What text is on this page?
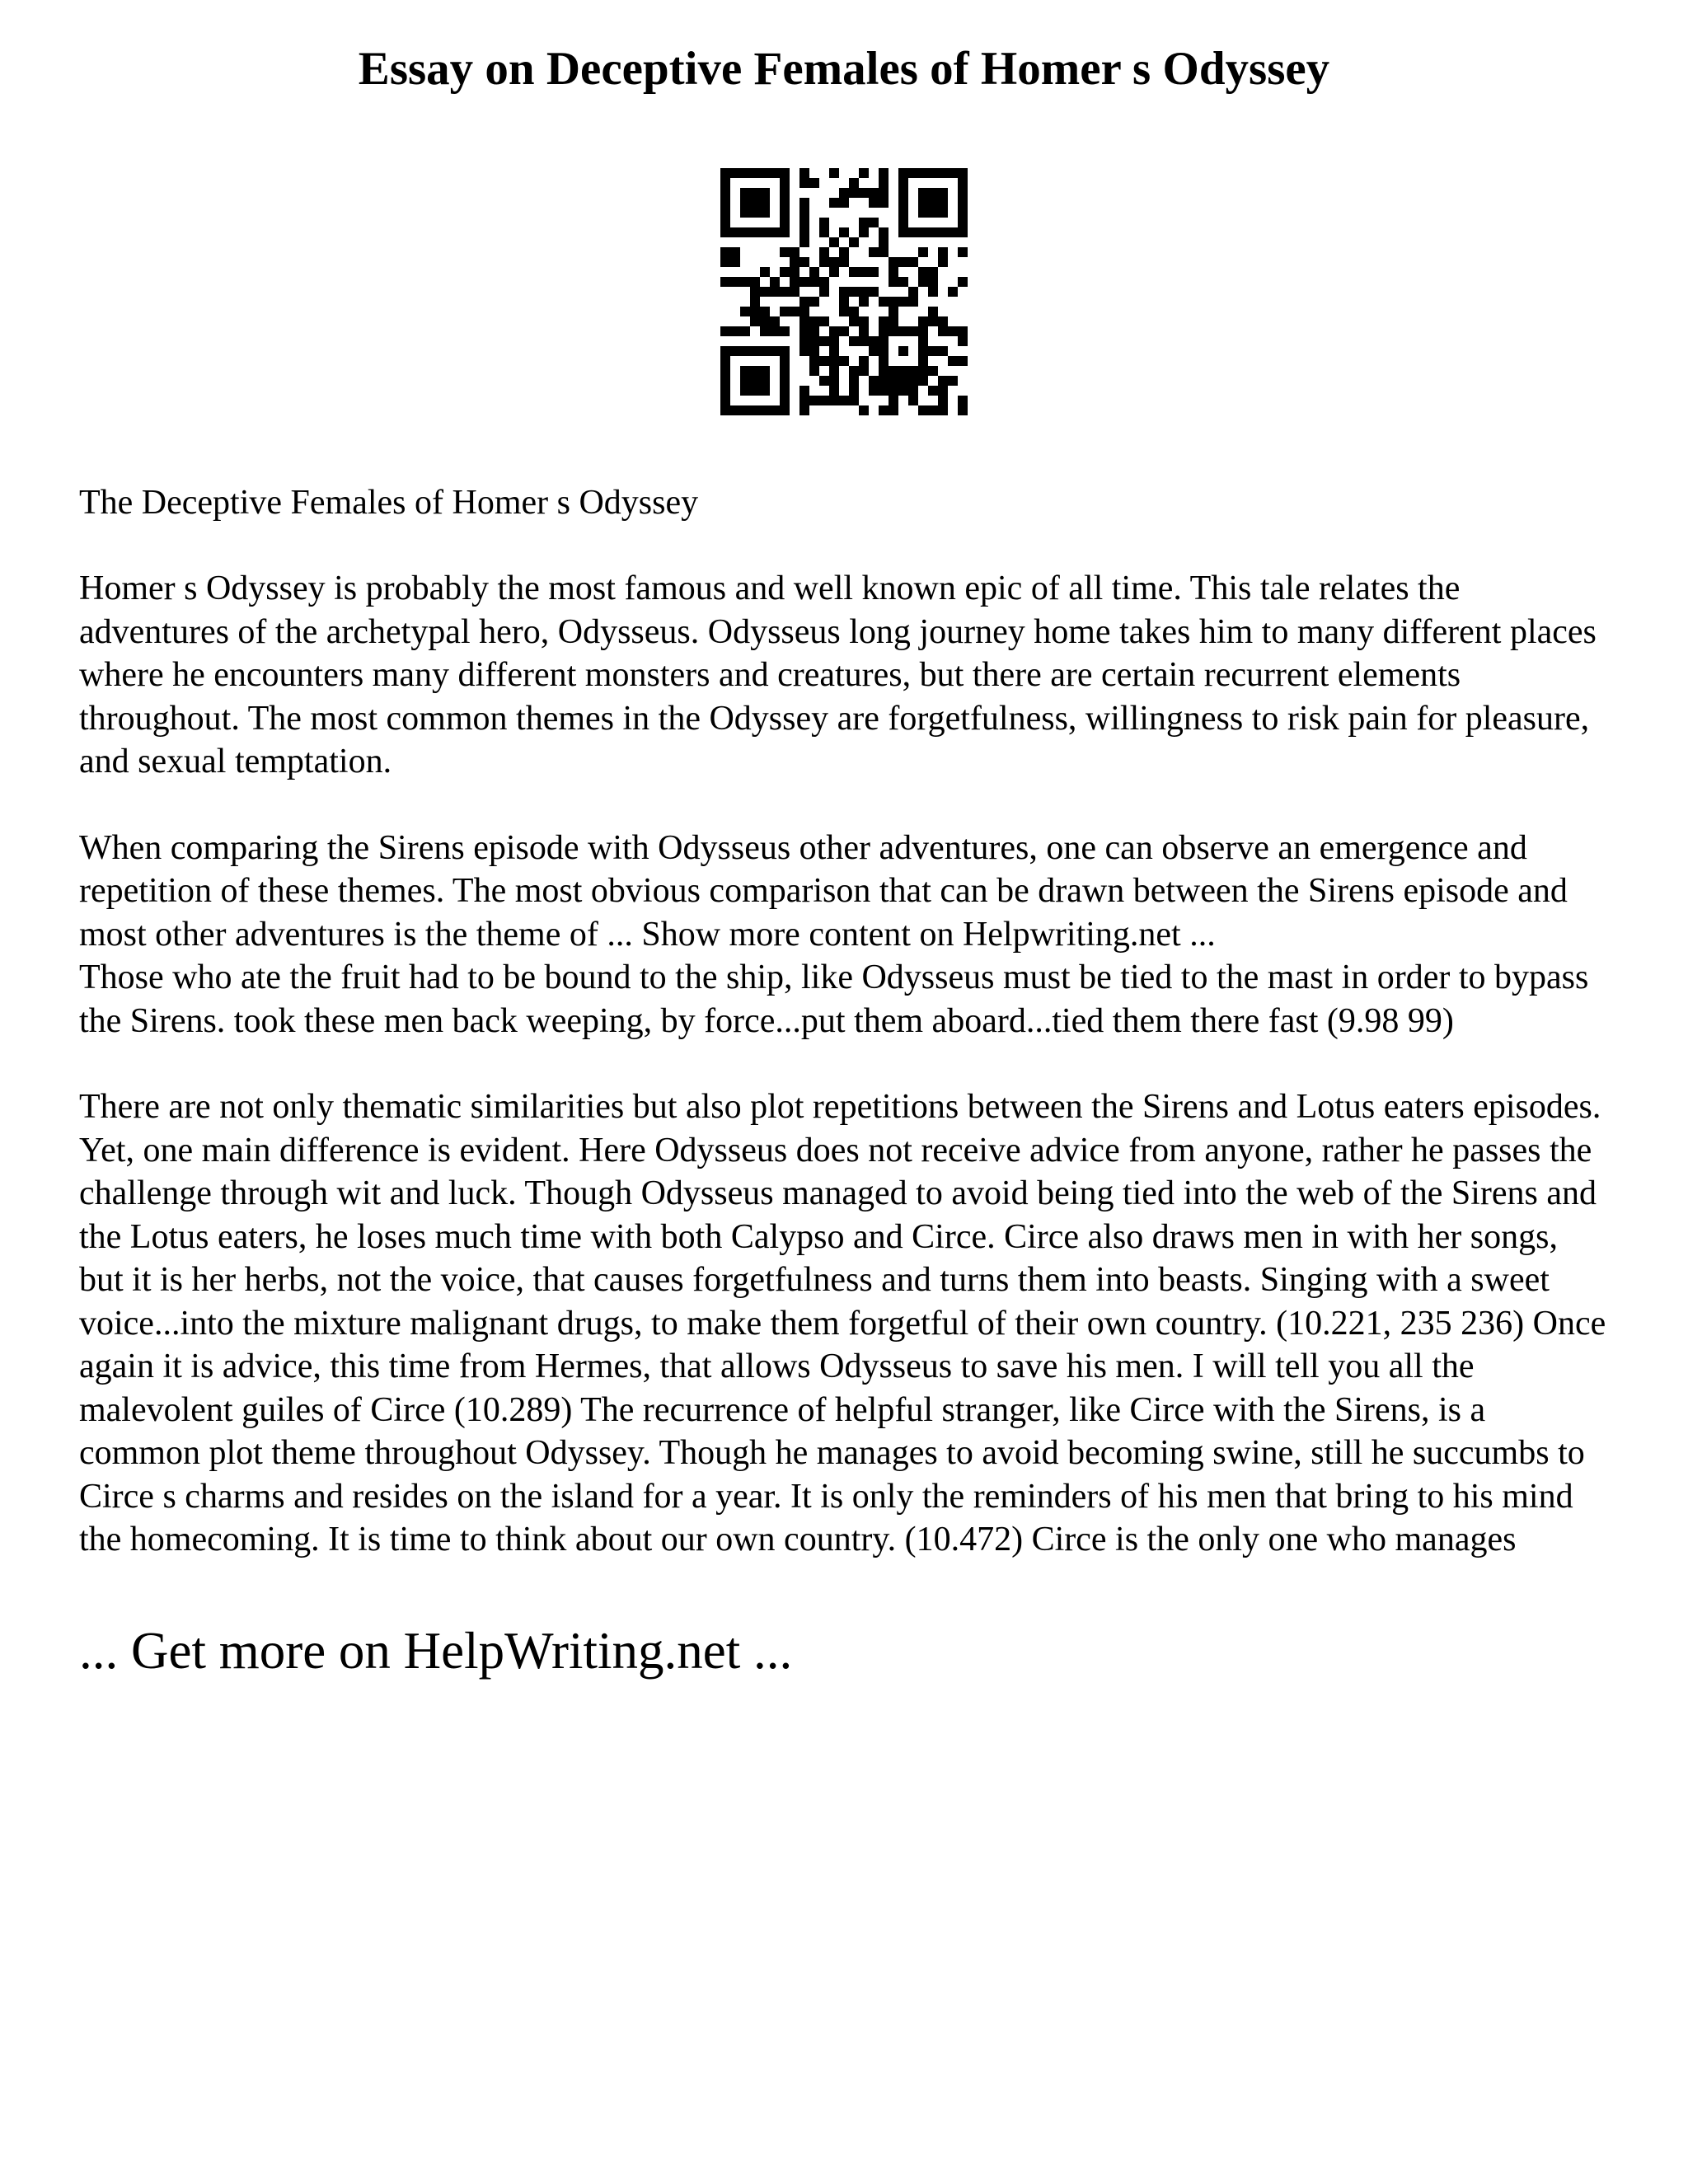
Essay on Deceptive Females of Homer s Odyssey

The Deceptive Females of Homer s Odyssey

Homer s Odyssey is probably the most famous and well known epic of all time. This tale relates the adventures of the archetypal hero, Odysseus. Odysseus long journey home takes him to many different places where he encounters many different monsters and creatures, but there are certain recurrent elements throughout. The most common themes in the Odyssey are forgetfulness, willingness to risk pain for pleasure, and sexual temptation.

When comparing the Sirens episode with Odysseus other adventures, one can observe an emergence and repetition of these themes. The most obvious comparison that can be drawn between the Sirens episode and most other adventures is the theme of ... Show more content on Helpwriting.net ...

Those who ate the fruit had to be bound to the ship, like Odysseus must be tied to the mast in order to bypass the Sirens. took these men back weeping, by force...put them aboard...tied them there fast (9.98 99)

There are not only thematic similarities but also plot repetitions between the Sirens and Lotus eaters episodes. Yet, one main difference is evident. Here Odysseus does not receive advice from anyone, rather he passes the challenge through wit and luck. Though Odysseus managed to avoid being tied into the web of the Sirens and the Lotus eaters, he loses much time with both Calypso and Circe. Circe also draws men in with her songs, but it is her herbs, not the voice, that causes forgetfulness and turns them into beasts. Singing with a sweet voice...into the mixture malignant drugs, to make them forgetful of their own country. (10.221, 235 236) Once again it is advice, this time from Hermes, that allows Odysseus to save his men. I will tell you all the malevolent guiles of Circe (10.289) The recurrence of helpful stranger, like Circe with the Sirens, is a common plot theme throughout Odyssey. Though he manages to avoid becoming swine, still he succumbs to Circe s charms and resides on the island for a year. It is only the reminders of his men that bring to his mind the homecoming. It is time to think about our own country. (10.472) Circe is the only one who manages

... Get more on HelpWriting.net ...
